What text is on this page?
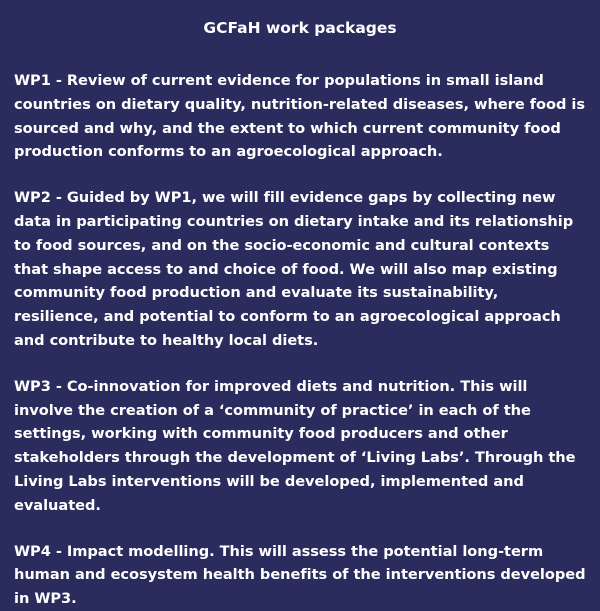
GCFaH work packages

WP1 - Review of current evidence for populations in small island countries on dietary quality, nutrition-related diseases, where food is sourced and why, and the extent to which current community food production conforms to an agroecological approach.

WP2 - Guided by WP1, we will fill evidence gaps by collecting new data in participating countries on dietary intake and its relationship to food sources, and on the socio-economic and cultural contexts that shape access to and choice of food. We will also map existing community food production and evaluate its sustainability, resilience, and potential to conform to an agroecological approach and contribute to healthy local diets.

WP3 - Co-innovation for improved diets and nutrition. This will involve the creation of a ‘community of practice’ in each of the settings, working with community food producers and other stakeholders through the development of ‘Living Labs’. Through the Living Labs interventions will be developed, implemented and evaluated.

WP4 - Impact modelling. This will assess the potential long-term human and ecosystem health benefits of the interventions developed in WP3.
